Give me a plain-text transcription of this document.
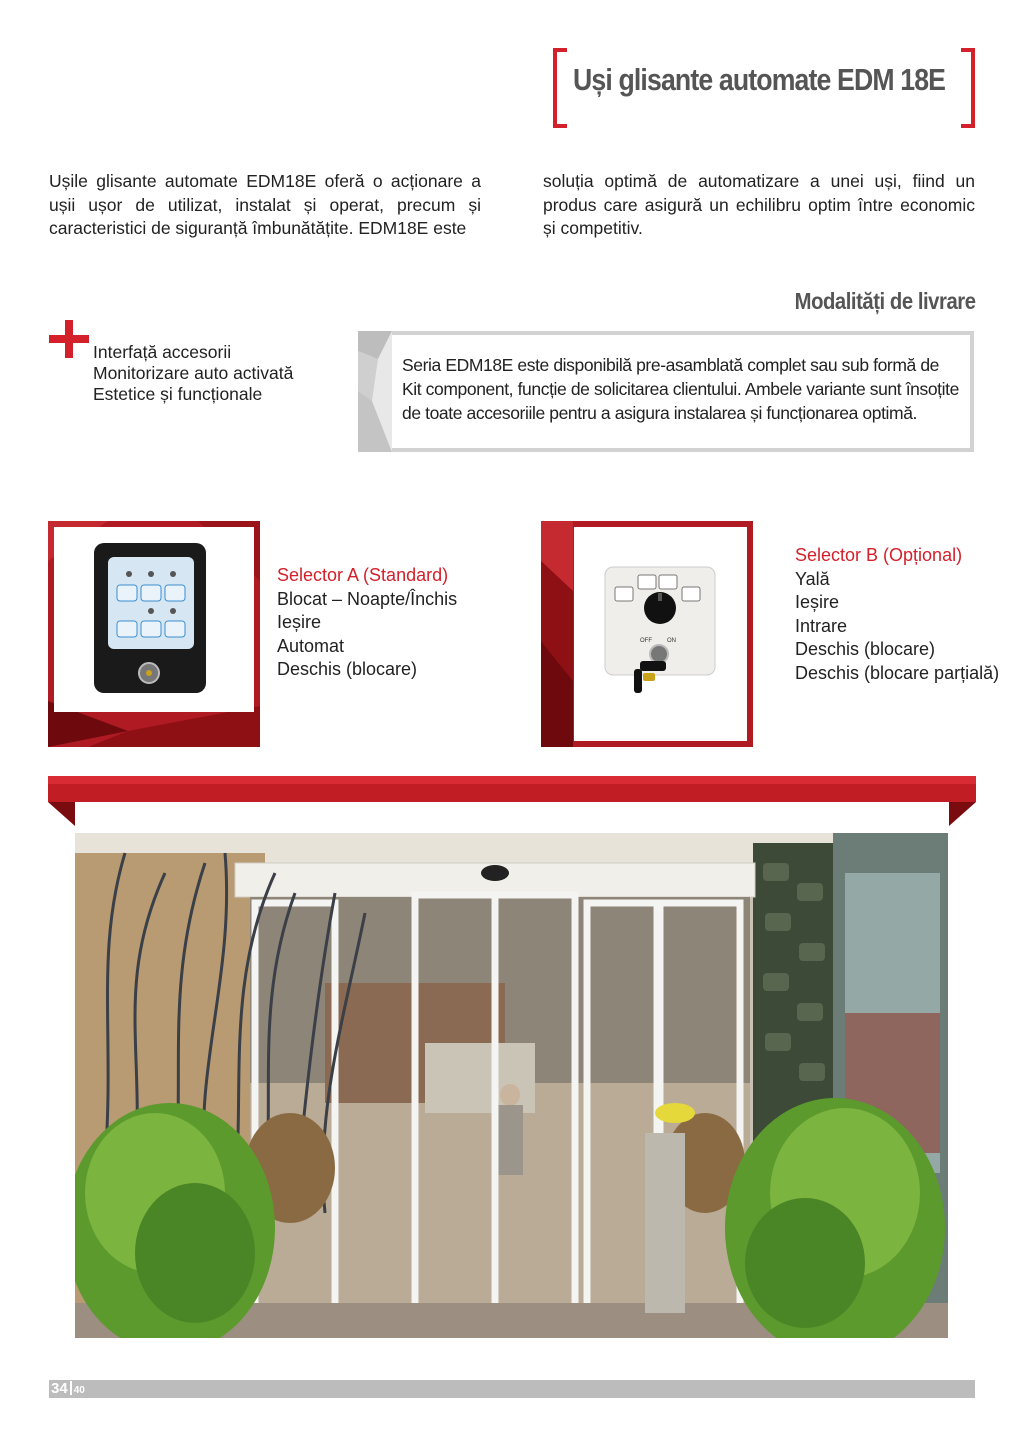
Uși glisante automate EDM 18E
Ușile glisante automate EDM18E oferă o acționare a ușii ușor de utilizat, instalat și operat, precum și caracteristici de siguranță îmbunătățite. EDM18E este
soluția optimă de automatizare a unei uși, fiind un produs care asigură un echilibru optim între economic și competitiv.
Modalități de livrare
Interfață accesorii
Monitorizare auto activată
Estetice și funcționale
Seria EDM18E este disponibilă pre-asamblată complet sau sub formă de Kit component, funcție de solicitarea clientului. Ambele variante sunt însoțite de toate accesoriile pentru a asigura instalarea și funcționarea optimă.
Selector A (Standard)
Blocat – Noapte/Închis
Ieșire
Automat
Deschis (blocare)
OFF	ON
Selector B (Opțional)
Yală
Ieșire
Intrare
Deschis (blocare)
Deschis (blocare parțială)
34 40
